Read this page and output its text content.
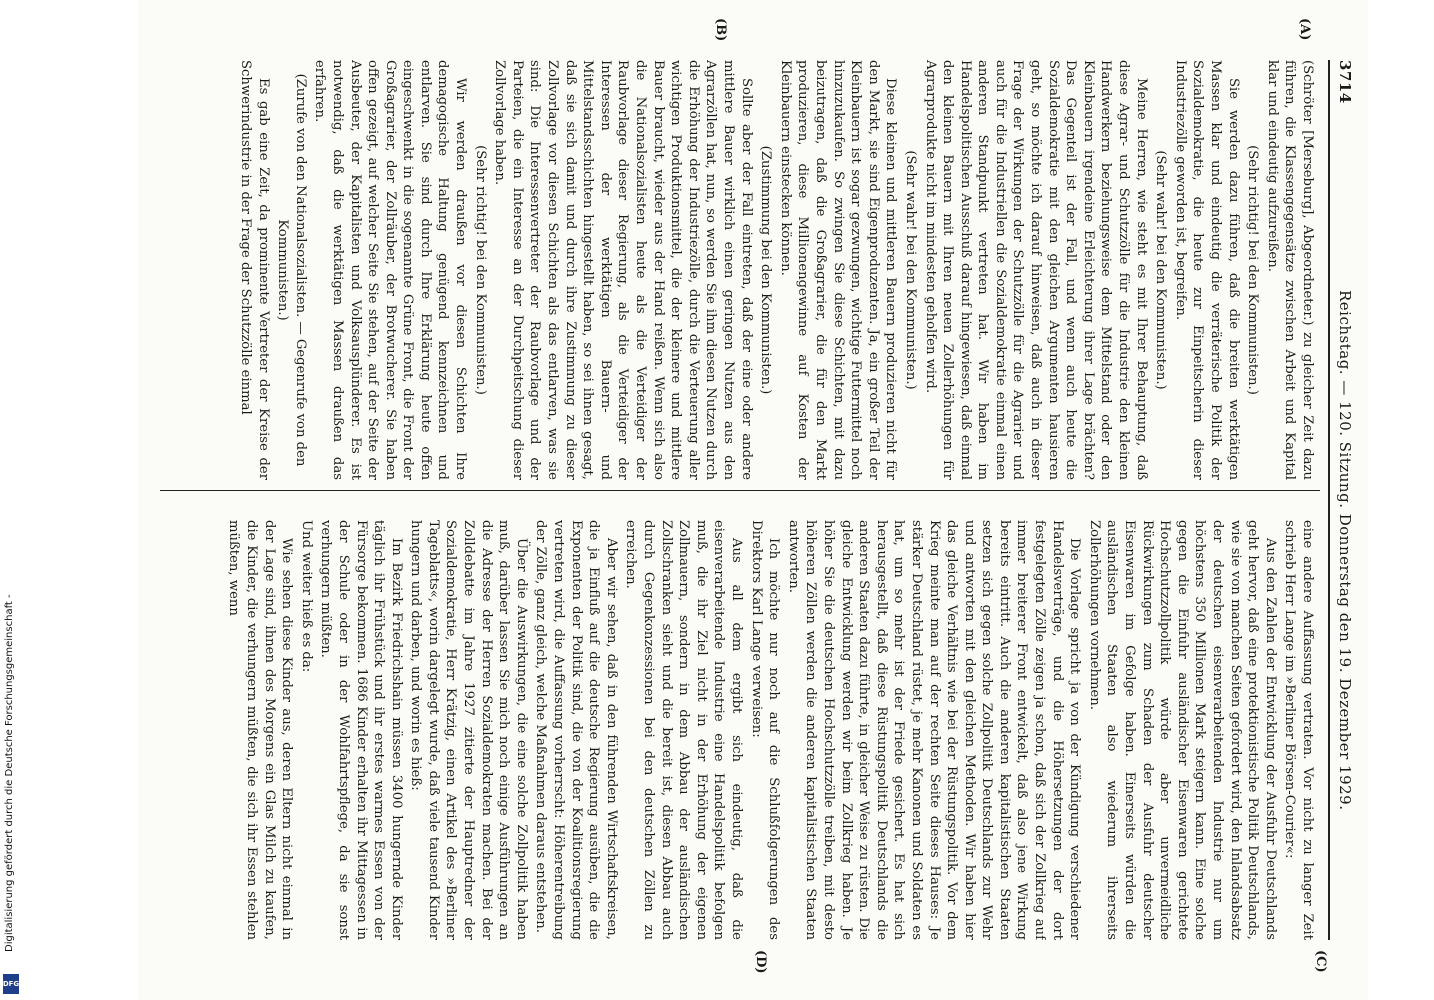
Digitalisierung gefördert durch die Deutsche Forschungsgemeinschaft -
DFG
3714
Reichstag. — 120. Sitzung. Donnerstag den 19. Dezember 1929.
(A)
(B)
(C)
(D)

(Schröter [Merseburg], Abgeordneter.) zu gleicher Zeit dazu führen, die Klassengegensätze zwischen Arbeit und Kapital klar und eindeutig aufzureißen.

(Sehr richtig! bei den Kommunisten.)

Sie werden dazu führen, daß die breiten werktätigen Massen klar und eindeutig die verräterische Politik der Sozialdemokratie, die heute zur Einpeitscherin dieser Industriezölle geworden ist, begreifen.

(Sehr wahr! bei den Kommunisten.)

Meine Herren, wie steht es mit Ihrer Behauptung, daß diese Agrar- und Schutzzölle für die Industrie den kleinen Handwerkern beziehungsweise dem Mittelstand oder den Kleinbauern irgendeine Erleichterung ihrer Lage brächten? Das Gegenteil ist der Fall, und wenn auch heute die Sozialdemokratie mit den gleichen Argumenten hausieren geht, so möchte ich darauf hinweisen, daß auch in dieser Frage der Wirkungen der Schutzzölle für die Agrarier und auch für die Industriellen die Sozialdemokratie einmal einen anderen Standpunkt vertreten hat. Wir haben im Handelspolitischen Ausschuß darauf hingewiesen, daß einmal den kleinen Bauern mit Ihren neuen Zollerhöhungen für Agrarprodukte nicht im mindesten geholfen wird.

(Sehr wahr! bei den Kommunisten.)

Diese kleinen und mittleren Bauern produzieren nicht für den Markt, sie sind Eigenproduzenten. Ja, ein großer Teil der Kleinbauern ist sogar gezwungen, wichtige Futtermittel noch hinzuzukaufen. So zwingen Sie diese Schichten, mit dazu beizutragen, daß die Großagrarier, die für den Markt produzieren, diese Millionengewinne auf Kosten der Kleinbauern einstecken können.

(Zustimmung bei den Kommunisten.)

Sollte aber der Fall eintreten, daß der eine oder andere mittlere Bauer wirklich einen geringen Nutzen aus den Agrarzöllen hat, nun, so werden Sie ihm diesen Nutzen durch die Erhöhung der Industriezölle, durch die Verteuerung aller wichtigen Produktionsmittel, die der kleinere und mittlere Bauer braucht, wieder aus der Hand reißen. Wenn sich also die Nationalsozialisten heute als die Verteidiger der Raubvorlage dieser Regierung, als die Verteidiger der Interessen der werktätigen Bauern- und Mittelstandsschichten hingestellt haben, so sei ihnen gesagt, daß sie sich damit und durch ihre Zustimmung zu dieser Zollvorlage vor diesen Schichten als das entlarven, was sie sind: Die Interessenvertreter der Raubvorlage und der Parteien, die ein Interesse an der Durchpeitschung dieser Zollvorlage haben.

(Sehr richtig! bei den Kommunisten.)

Wir werden draußen vor diesen Schichten Ihre demagogische Haltung genügend kennzeichnen und entlarven. Sie sind durch Ihre Erklärung heute offen eingeschwenkt in die sogenannte Grüne Front, die Front der Großagrarier, der Zollräuber, der Brotwucherer. Sie haben offen gezeigt, auf welcher Seite Sie stehen, auf der Seite der Ausbeuter, der Kapitalisten und Volksausplünderer. Es ist notwendig, daß die werktätigen Massen draußen das erfahren.

(Zurufe von den Nationalsozialisten. — Gegenrufe von den Kommunisten.)

Es gab eine Zeit, da prominente Vertreter der Kreise der Schwerindustrie in der Frage der Schutzzölle einmal

eine andere Auffassung vertraten. Vor nicht zu langer Zeit schrieb Herr Lange im »Berliner Börsen-Courier«:

Aus den Zahlen der Entwicklung der Ausfuhr Deutschlands geht hervor, daß eine protektionistische Politik Deutschlands, wie sie von manchen Seiten gefordert wird, den Inlandsabsatz der deutschen eisenverarbeitenden Industrie nur um höchstens 350 Millionen Mark steigern kann. Eine solche gegen die Einfuhr ausländischer Eisenwaren gerichtete Hochschutzzollpolitik würde aber unvermeidliche Rückwirkungen zum Schaden der Ausfuhr deutscher Eisenwaren im Gefolge haben. Einerseits würden die ausländischen Staaten also wiederum ihrerseits Zollerhöhungen vornehmen.

Die Vorlage spricht ja von der Kündigung verschiedener Handelsverträge, und die Höhersetzungen der dort festgelegten Zölle zeigen ja schon, daß sich der Zollkrieg auf immer breiterer Front entwickelt, daß also jene Wirkung bereits eintritt. Auch die anderen kapitalistischen Staaten setzen sich gegen solche Zollpolitik Deutschlands zur Wehr und antworten mit den gleichen Methoden. Wir haben hier das gleiche Verhältnis wie bei der Rüstungspolitik. Vor dem Krieg meinte man auf der rechten Seite dieses Hauses: Je stärker Deutschland rüstet, je mehr Kanonen und Soldaten es hat, um so mehr ist der Friede gesichert. Es hat sich herausgestellt, daß diese Rüstungspolitik Deutschlands die anderen Staaten dazu führte, in gleicher Weise zu rüsten. Die gleiche Entwicklung werden wir beim Zollkrieg haben. Je höher Sie die deutschen Hochschutzzölle treiben, mit desto höheren Zöllen werden die anderen kapitalistischen Staaten antworten.

Ich möchte nur noch auf die Schlußfolgerungen des Direktors Karl Lange verweisen:

Aus all dem ergibt sich eindeutig, daß die eisenverarbeitende Industrie eine Handelspolitik befolgen muß, die ihr Ziel nicht in der Erhöhung der eigenen Zollmauern, sondern in dem Abbau der ausländischen Zollschranken sieht und die bereit ist, diesen Abbau auch durch Gegenkonzessionen bei den deutschen Zöllen zu erreichen.

Aber wir sehen, daß in den führenden Wirtschaftskreisen, die ja Einfluß auf die deutsche Regierung ausüben, die die Exponenten der Politik sind, die von der Koalitionsregierung vertreten wird, die Auffassung vorherrscht: Höherentreibung der Zölle, ganz gleich, welche Maßnahmen daraus entstehen.

Über die Auswirkungen, die eine solche Zollpolitik haben muß, darüber lassen Sie mich noch einige Ausführungen an die Adresse der Herren Sozialdemokraten machen. Bei der Zolldebatte im Jahre 1927 zitierte der Hauptredner der Sozialdemokratie, Herr Krätzig, einen Artikel des »Berliner Tageblatts«, worin dargelegt wurde, daß viele tausend Kinder hungern und darben, und worin es hieß:

Im Bezirk Friedrichshain müssen 3400 hungernde Kinder täglich ihr Frühstück und ihr erstes warmes Essen von der Fürsorge bekommen. 1686 Kinder erhalten ihr Mittagessen in der Schule oder in der Wohlfahrtspflege, da sie sonst verhungern müßten.

Und weiter hieß es da:

Wie sehen diese Kinder aus, deren Eltern nicht einmal in der Lage sind, ihnen des Morgens ein Glas Milch zu kaufen, die Kinder, die verhungern müßten, die sich ihr Essen stehlen müßten, wenn
